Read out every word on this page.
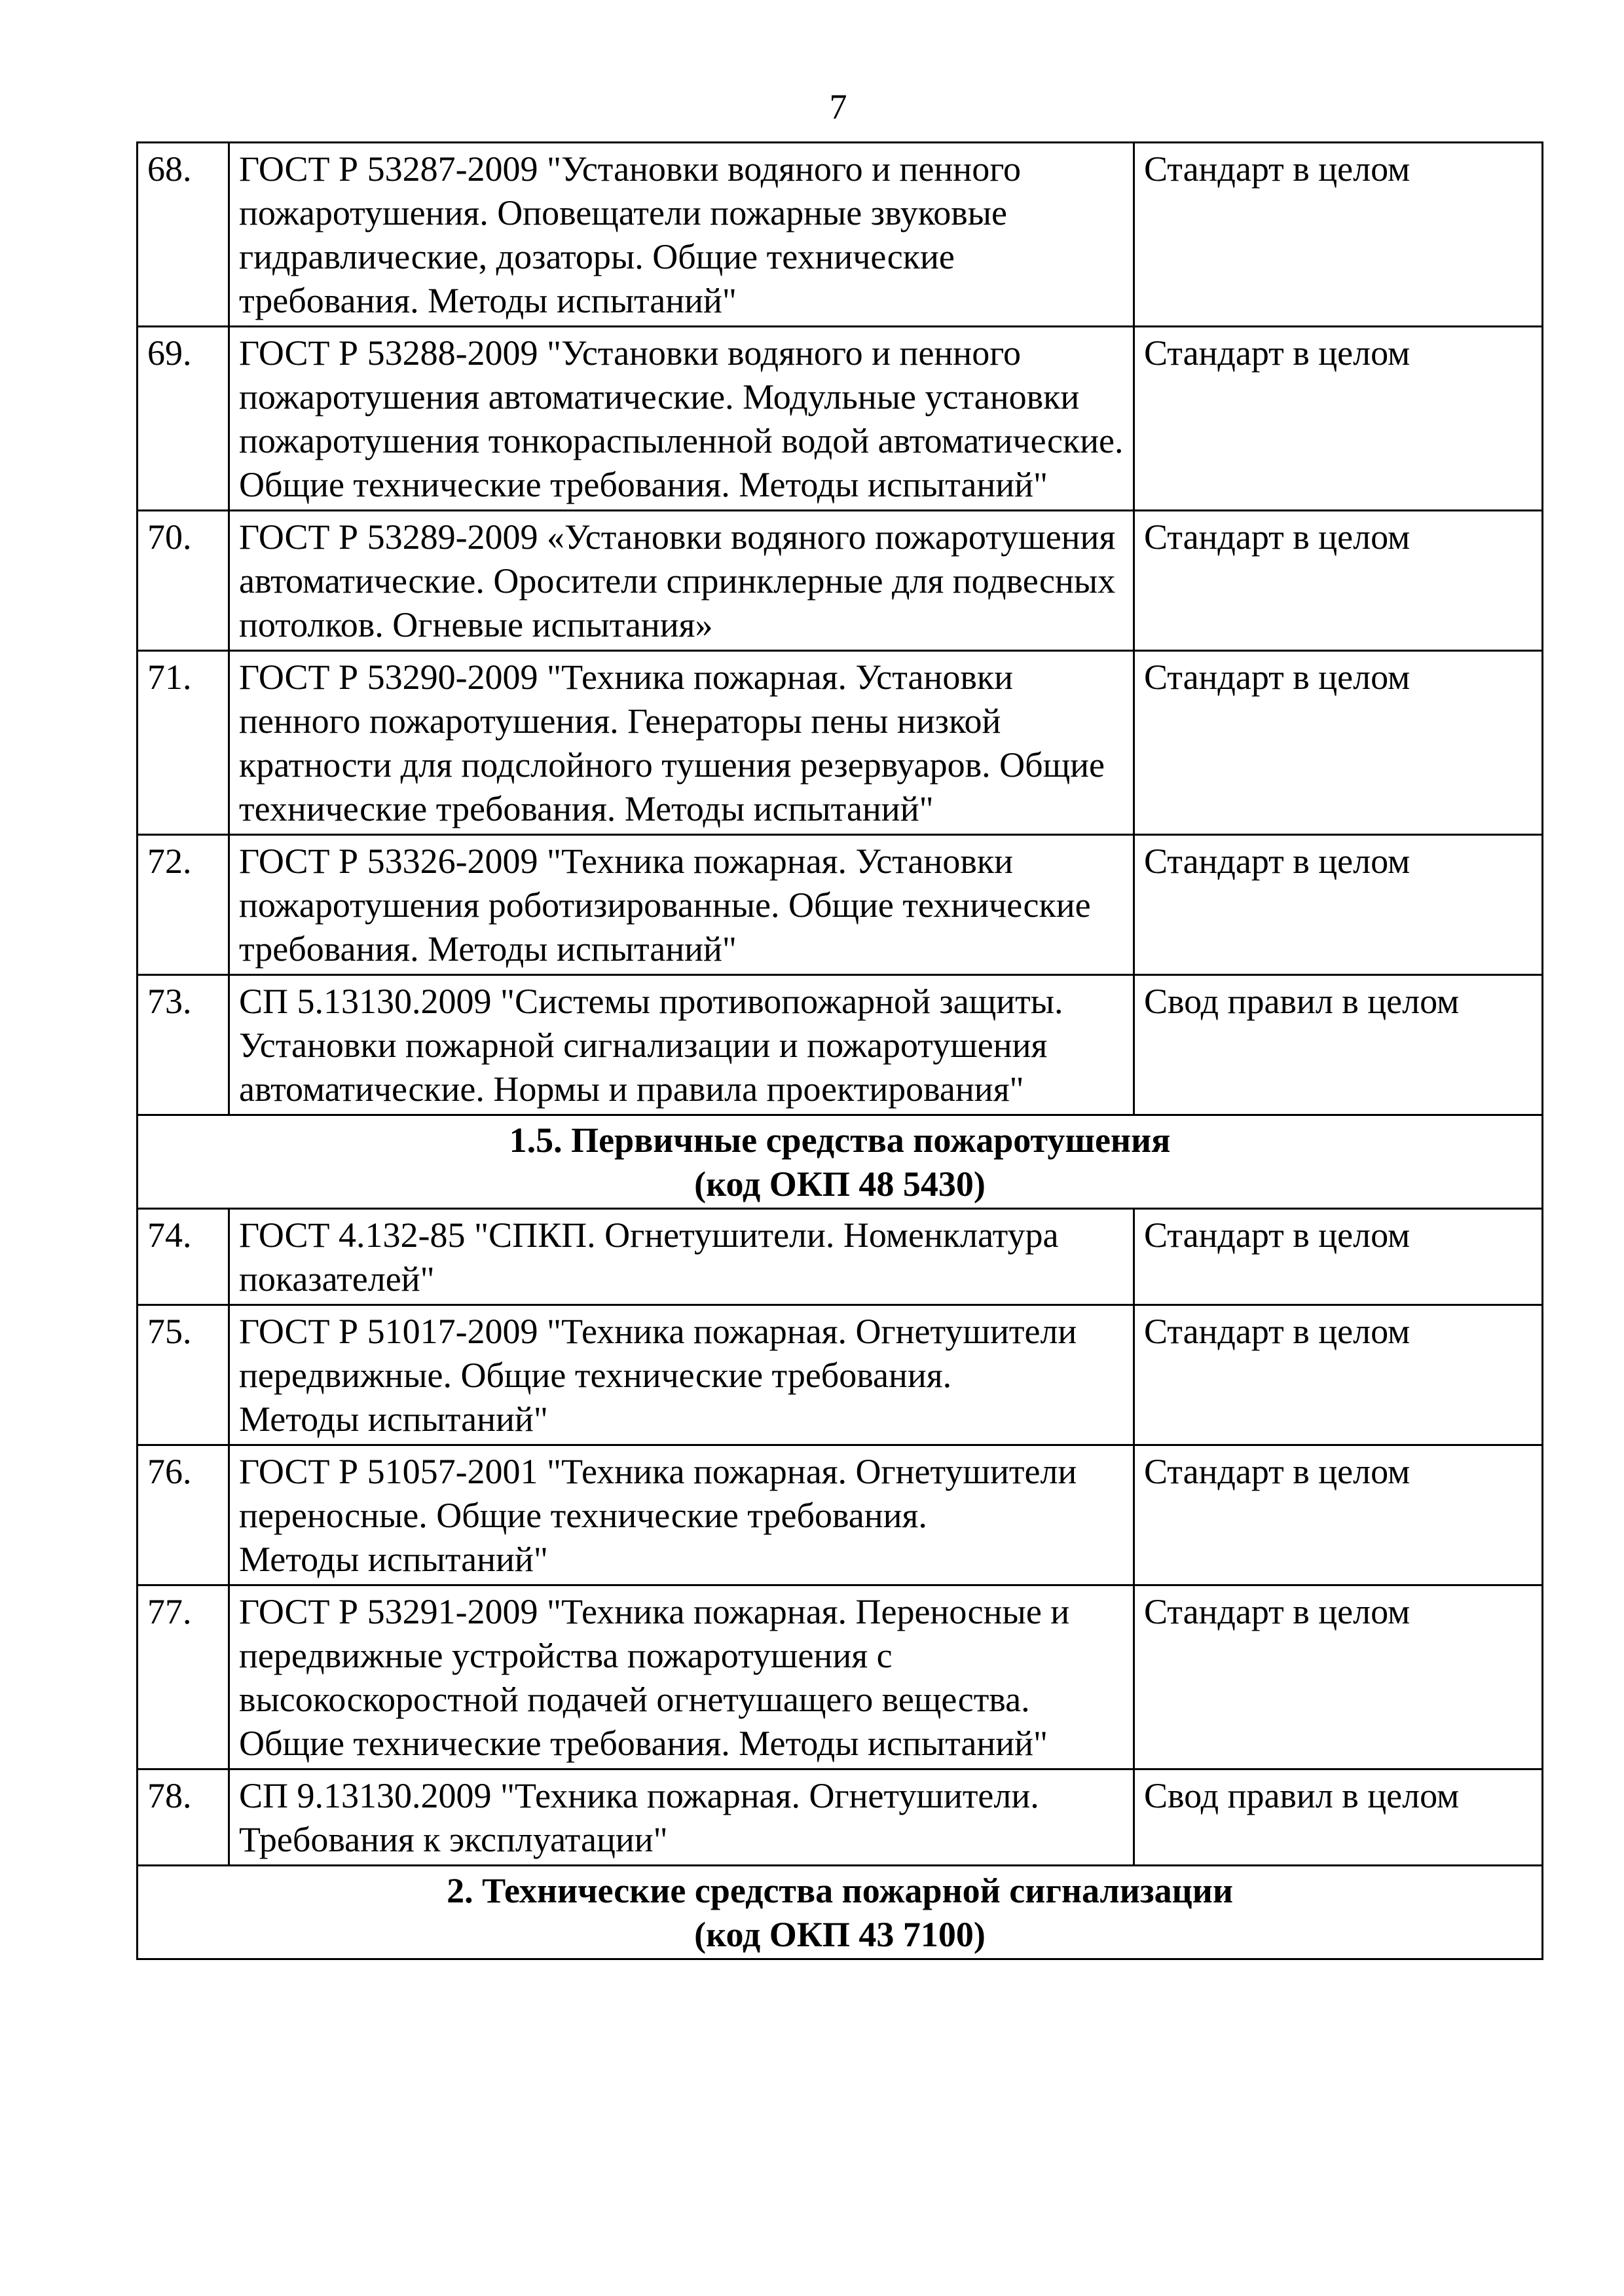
7
68.	ГОСТ Р 53287-2009 "Установки водяного и пенного пожаротушения. Оповещатели пожарные звуковые гидравлические, дозаторы. Общие технические требования. Методы испытаний"	Стандарт в целом
69.	ГОСТ Р 53288-2009 "Установки водяного и пенного пожаротушения автоматические. Модульные установки пожаротушения тонкораспыленной водой автоматические. Общие технические требования. Методы испытаний"	Стандарт в целом
70.	ГОСТ Р 53289-2009 «Установки водяного пожаротушения автоматические. Оросители спринклерные для подвесных потолков. Огневые испытания»	Стандарт в целом
71.	ГОСТ Р 53290-2009 "Техника пожарная. Установки пенного пожаротушения. Генераторы пены низкой кратности для подслойного тушения резервуаров. Общие технические требования. Методы испытаний"	Стандарт в целом
72.	ГОСТ Р 53326-2009 "Техника пожарная. Установки пожаротушения роботизированные. Общие технические требования. Методы испытаний"	Стандарт в целом
73.	СП 5.13130.2009 "Системы противопожарной защиты. Установки пожарной сигнализации и пожаротушения автоматические. Нормы и правила проектирования"	Свод правил в целом

1.5. Первичные средства пожаротушения
(код ОКП 48 5430)		

74.	ГОСТ 4.132-85 "СПКП. Огнетушители. Номенклатура показателей"	Стандарт в целом
75.	ГОСТ Р 51017-2009 "Техника пожарная. Огнетушители передвижные. Общие технические требования.
Методы испытаний"	Стандарт в целом
76.	ГОСТ Р 51057-2001 "Техника пожарная. Огнетушители переносные. Общие технические требования.
Методы испытаний"	Стандарт в целом
77.	ГОСТ Р 53291-2009 "Техника пожарная. Переносные и передвижные устройства пожаротушения с высокоскоростной подачей огнетушащего вещества. Общие технические требования. Методы испытаний"	Стандарт в целом
78.	СП 9.13130.2009 "Техника пожарная. Огнетушители. Требования к эксплуатации"	Свод правил в целом

2. Технические средства пожарной сигнализации
(код ОКП 43 7100)		
